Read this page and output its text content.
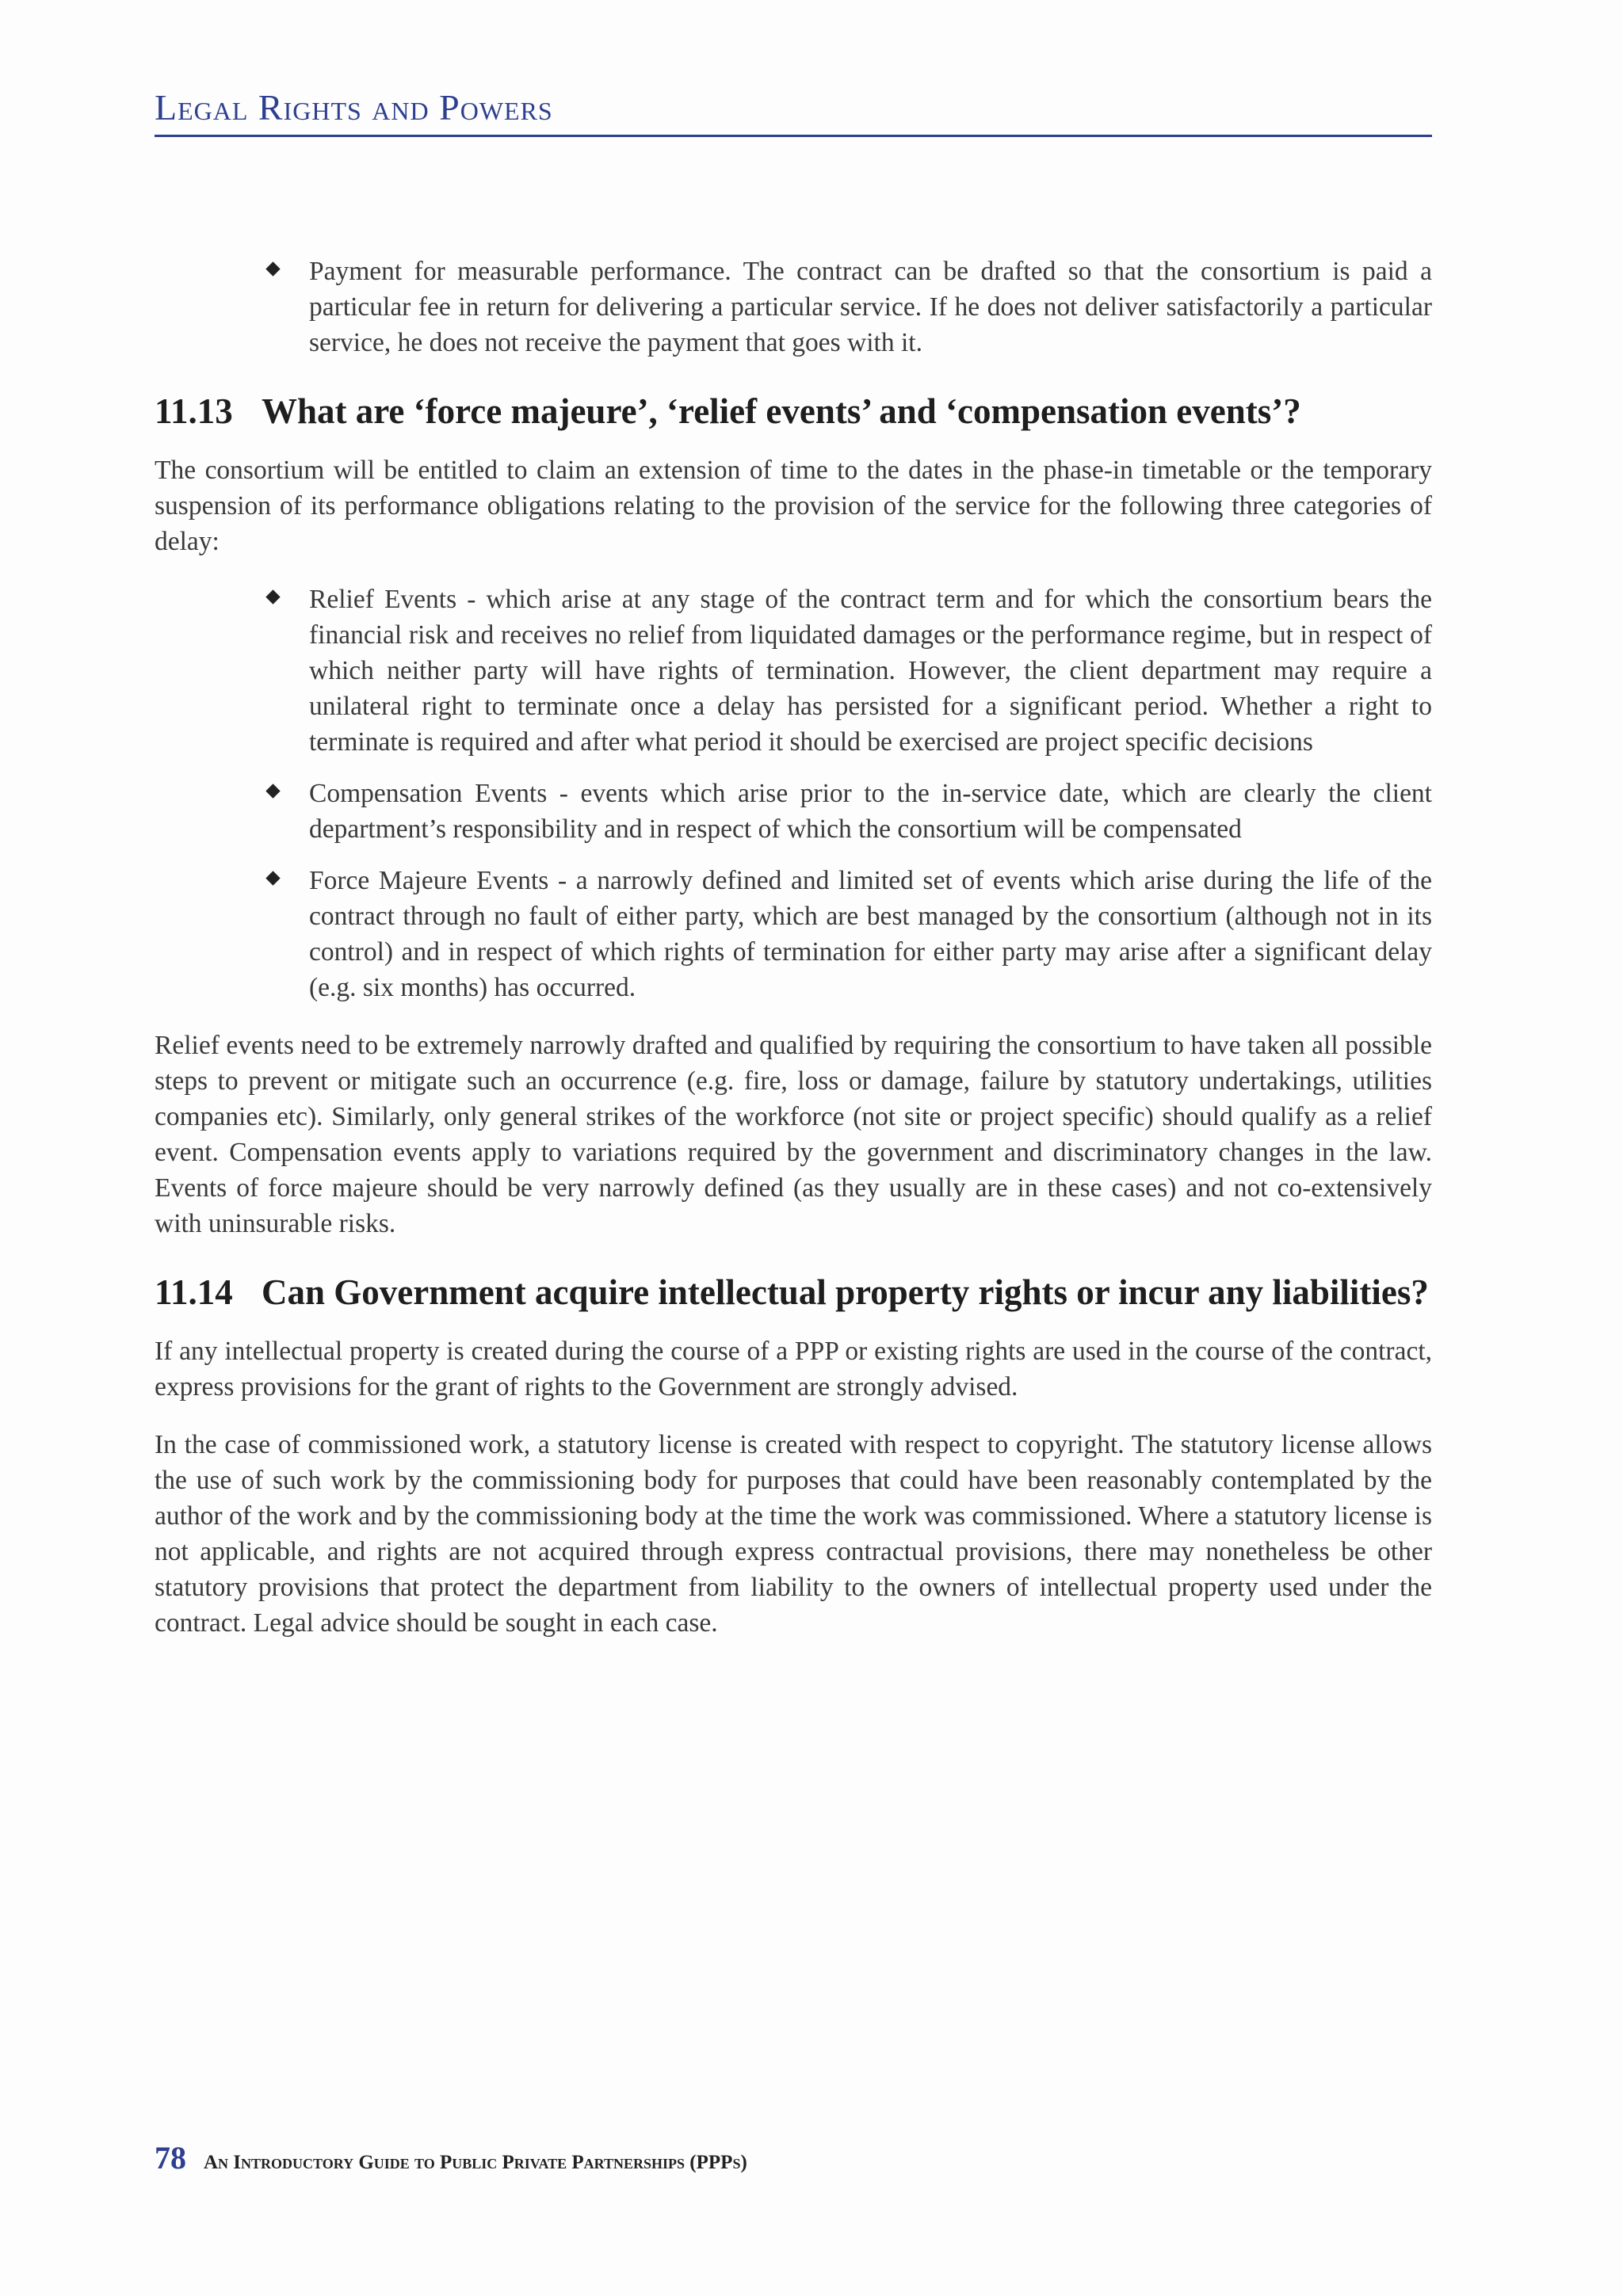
Legal Rights and Powers
Payment for measurable performance. The contract can be drafted so that the consortium is paid a particular fee in return for delivering a particular service. If he does not deliver satisfactorily a particular service, he does not receive the payment that goes with it.
11.13 What are ‘force majeure’, ‘relief events’ and ‘compensation events’?

The consortium will be entitled to claim an extension of time to the dates in the phase-in timetable or the temporary suspension of its performance obligations relating to the provision of the service for the following three categories of delay:

Relief Events - which arise at any stage of the contract term and for which the consortium bears the financial risk and receives no relief from liquidated damages or the performance regime, but in respect of which neither party will have rights of termination. However, the client department may require a unilateral right to terminate once a delay has persisted for a significant period. Whether a right to terminate is required and after what period it should be exercised are project specific decisions
Compensation Events - events which arise prior to the in-service date, which are clearly the client department’s responsibility and in respect of which the consortium will be compensated
Force Majeure Events - a narrowly defined and limited set of events which arise during the life of the contract through no fault of either party, which are best managed by the consortium (although not in its control) and in respect of which rights of termination for either party may arise after a significant delay (e.g. six months) has occurred.

Relief events need to be extremely narrowly drafted and qualified by requiring the consortium to have taken all possible steps to prevent or mitigate such an occurrence (e.g. fire, loss or damage, failure by statutory undertakings, utilities companies etc). Similarly, only general strikes of the workforce (not site or project specific) should qualify as a relief event. Compensation events apply to variations required by the government and discriminatory changes in the law. Events of force majeure should be very narrowly defined (as they usually are in these cases) and not co-extensively with uninsurable risks.

11.14 Can Government acquire intellectual property rights or incur any liabilities?

If any intellectual property is created during the course of a PPP or existing rights are used in the course of the contract, express provisions for the grant of rights to the Government are strongly advised.

In the case of commissioned work, a statutory license is created with respect to copyright. The statutory license allows the use of such work by the commissioning body for purposes that could have been reasonably contemplated by the author of the work and by the commissioning body at the time the work was commissioned. Where a statutory license is not applicable, and rights are not acquired through express contractual provisions, there may nonetheless be other statutory provisions that protect the department from liability to the owners of intellectual property used under the contract. Legal advice should be sought in each case.

78 An Introductory Guide to Public Private Partnerships (PPPs)
